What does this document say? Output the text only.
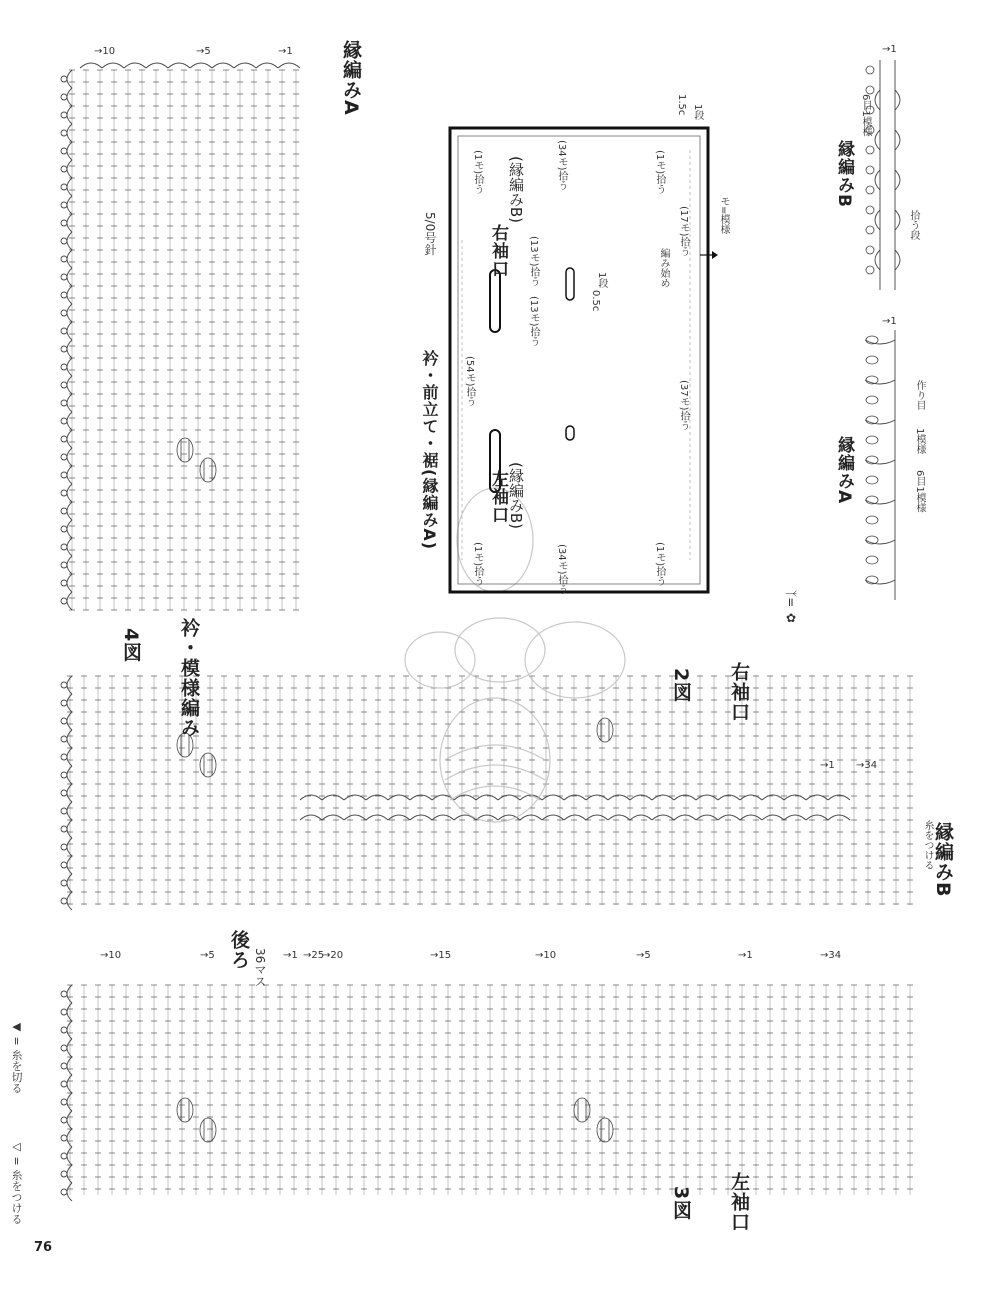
4図 衿・模様編み
縁編みA
2図 右袖口
縁編みB
糸をつける
後ろ 36マス
3図 左袖口
◁ = 糸をつける
◀ = 糸を切る
76
→10	→5	→1
→34
→1
→10	→5	→1 →25
→20	→15	→10	→5	→1	→34
→1
→1
衿・前立て・裾(縁編みA)
5/0号針
(54モ)拾う	(37モ)拾う
右袖口
(縁編みB)
左袖口 (縁編みB)
(34モ)拾う
(34モ)拾う
(1モ)拾う	(1モ)拾う
(1モ)拾う	(1モ)拾う
(13モ)拾う
(13モ)拾う
(17モ)拾う
編み始め
1.5c 1段
0.5c
1段
モ=模様
ᛉ= ✿
縁編みB
6目1模様
拾う段
縁編みA	6目1模様
作り目
1模様
